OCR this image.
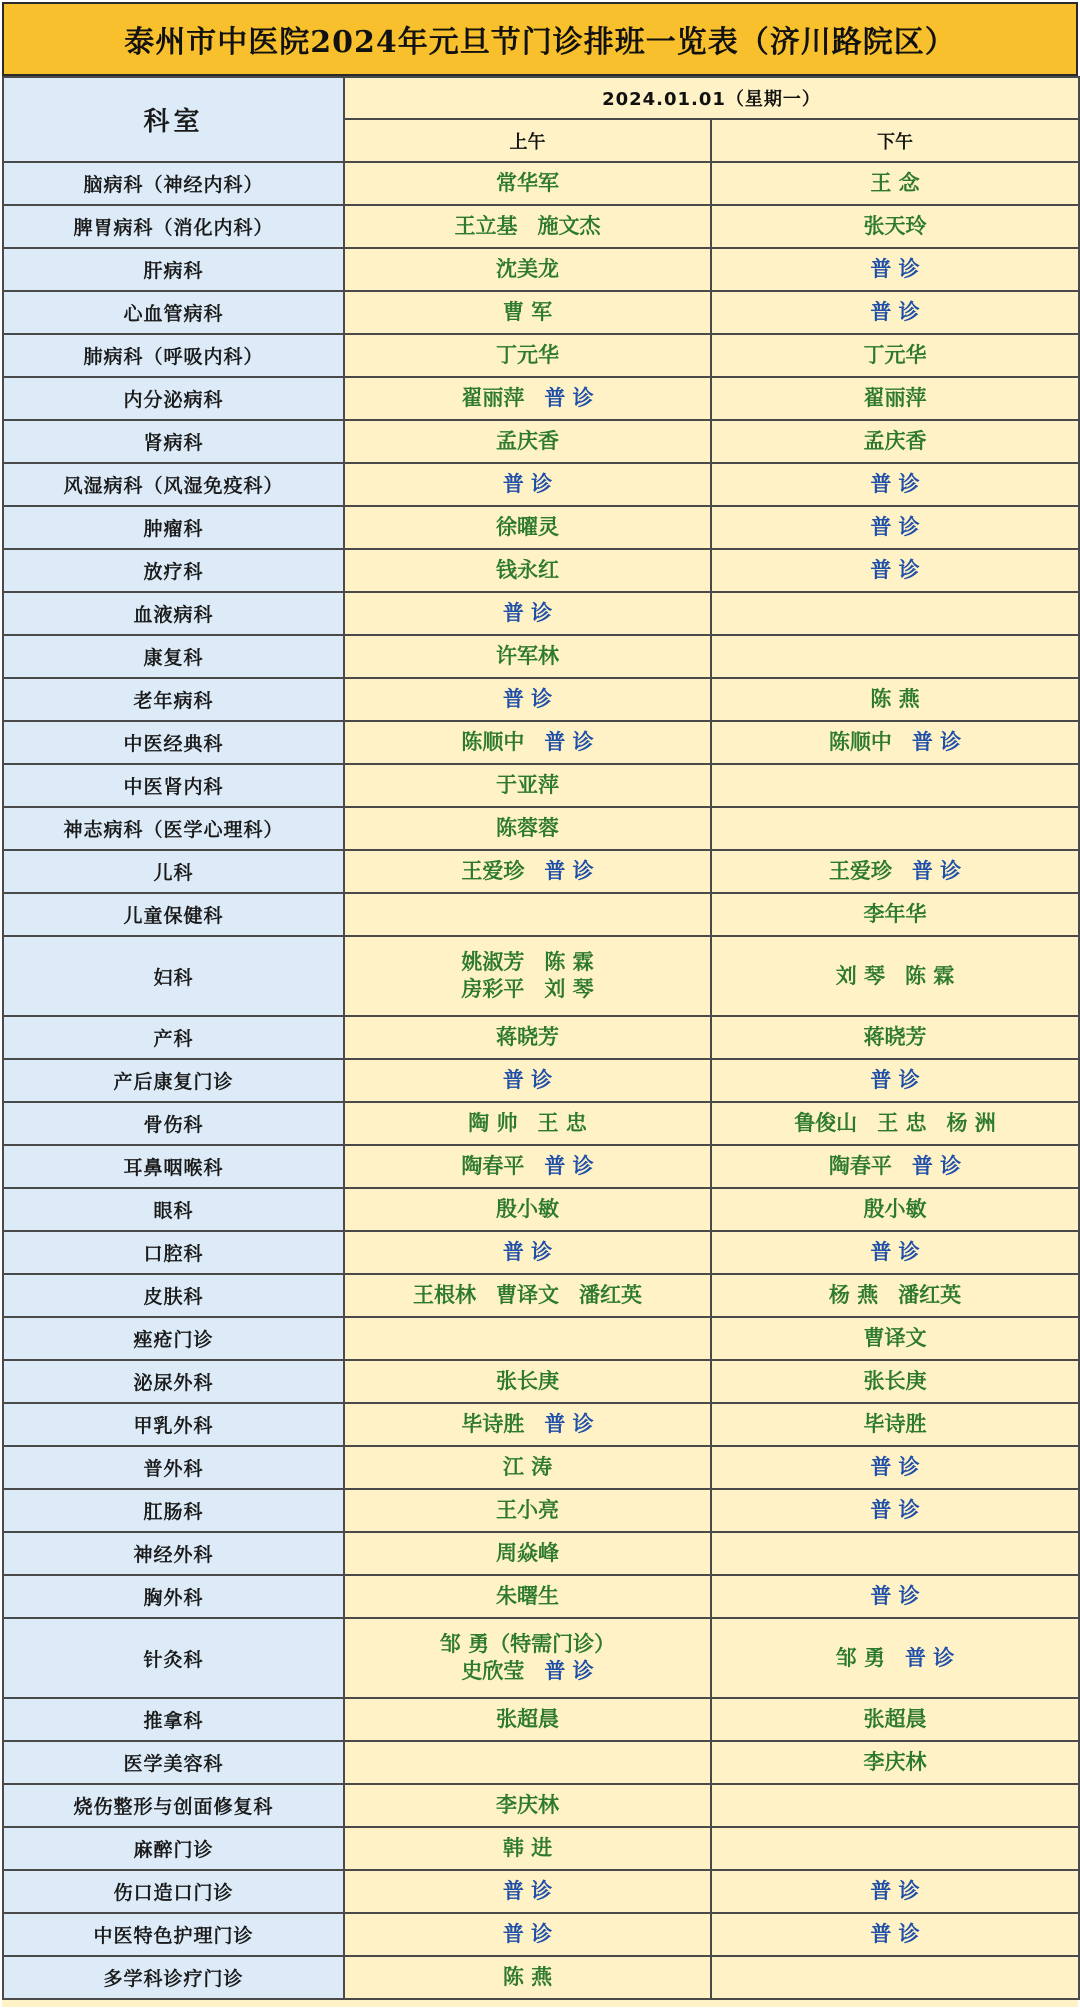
泰州市中医院2024年元旦节门诊排班一览表（济川路院区）
科室	2024.01.01（星期一）	
	上午	下午
脑病科（神经内科）	常华军	王 念

脾胃病科（消化内科）	王立基 施文杰	张天玲

肝病科	沈美龙	普 诊

心血管病科	曹 军	普 诊

肺病科（呼吸内科）	丁元华	丁元华

内分泌病科	翟丽萍 普 诊	翟丽萍

肾病科	孟庆香	孟庆香

风湿病科（风湿免疫科）	普 诊	普 诊

肿瘤科	徐曜灵	普 诊

放疗科	钱永红	普 诊

血液病科	普 诊	

康复科	许军林	

老年病科	普 诊	陈 燕

中医经典科	陈顺中 普 诊	陈顺中 普 诊

中医肾内科	于亚萍	

神志病科（医学心理科）	陈蓉蓉	

儿科	王爱珍 普 诊	王爱珍 普 诊

儿童保健科		李年华

妇科	姚淑芳 陈 霖
房彩平 刘 琴	刘 琴 陈 霖

产科	蒋晓芳	蒋晓芳

产后康复门诊	普 诊	普 诊

骨伤科	陶 帅 王 忠	鲁俊山 王 忠 杨 洲

耳鼻咽喉科	陶春平 普 诊	陶春平 普 诊

眼科	殷小敏	殷小敏

口腔科	普 诊	普 诊

皮肤科	王根林 曹译文 潘红英	杨 燕 潘红英

痤疮门诊		曹译文

泌尿外科	张长庚	张长庚

甲乳外科	毕诗胜 普 诊	毕诗胜

普外科	江 涛	普 诊

肛肠科	王小亮	普 诊

神经外科	周焱峰	

胸外科	朱曙生	普 诊

针灸科	邹 勇（特需门诊）
史欣莹 普 诊	邹 勇 普 诊

推拿科	张超晨	张超晨

医学美容科		李庆林

烧伤整形与创面修复科	李庆林	

麻醉门诊	韩 进	

伤口造口门诊	普 诊	普 诊

中医特色护理门诊	普 诊	普 诊

多学科诊疗门诊	陈 燕	
